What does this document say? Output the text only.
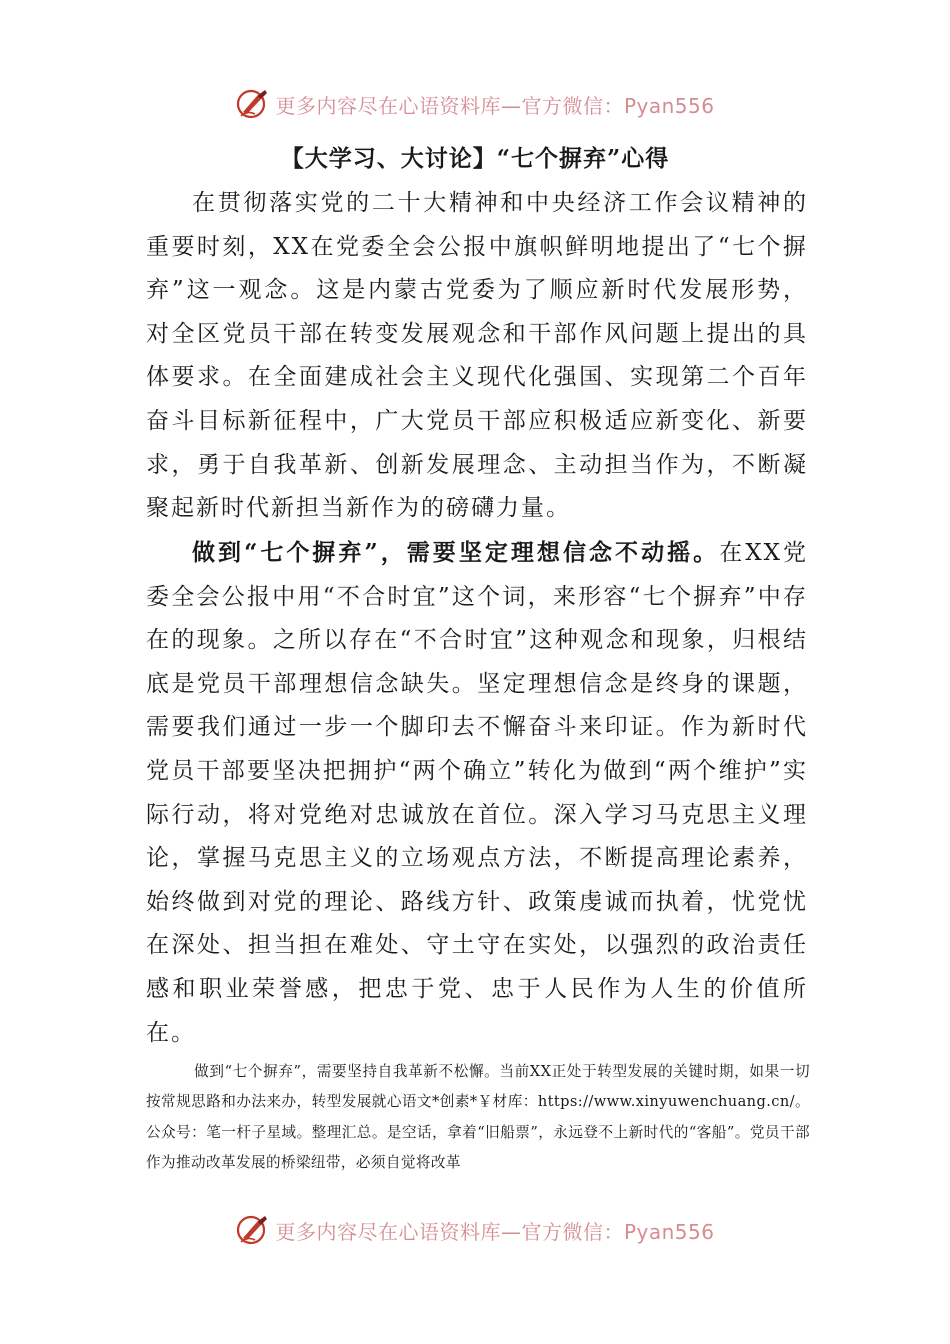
更多内容尽在心语资料库—官方微信：Pyan556
【大学习、大讨论】“七个摒弃”心得

在贯彻落实党的二十大精神和中央经济工作会议精神的重要时刻，XX在党委全会公报中旗帜鲜明地提出了“七个摒弃”这一观念。这是内蒙古党委为了顺应新时代发展形势，对全区党员干部在转变发展观念和干部作风问题上提出的具体要求。在全面建成社会主义现代化强国、实现第二个百年奋斗目标新征程中，广大党员干部应积极适应新变化、新要求，勇于自我革新、创新发展理念、主动担当作为，不断凝聚起新时代新担当新作为的磅礴力量。

做到“七个摒弃”，需要坚定理想信念不动摇。在XX党委全会公报中用“不合时宜”这个词，来形容“七个摒弃”中存在的现象。之所以存在“不合时宜”这种观念和现象，归根结底是党员干部理想信念缺失。坚定理想信念是终身的课题，需要我们通过一步一个脚印去不懈奋斗来印证。作为新时代党员干部要坚决把拥护“两个确立”转化为做到“两个维护”实际行动，将对党绝对忠诚放在首位。深入学习马克思主义理论，掌握马克思主义的立场观点方法，不断提高理论素养，始终做到对党的理论、路线方针、政策虔诚而执着，忧党忧在深处、担当担在难处、守土守在实处，以强烈的政治责任感和职业荣誉感，把忠于党、忠于人民作为人生的价值所在。

做到“七个摒弃”，需要坚持自我革新不松懈。当前XX正处于转型发展的关键时期，如果一切按常规思路和办法来办，转型发展就心语文*创素*￥材库：https://www.xinyuwenchuang.cn/。公众号：笔一杆子星域。整理汇总。是空话，拿着“旧船票”，永远登不上新时代的“客船”。党员干部作为推动改革发展的桥梁纽带，必须自觉将改革

更多内容尽在心语资料库—官方微信：Pyan556
